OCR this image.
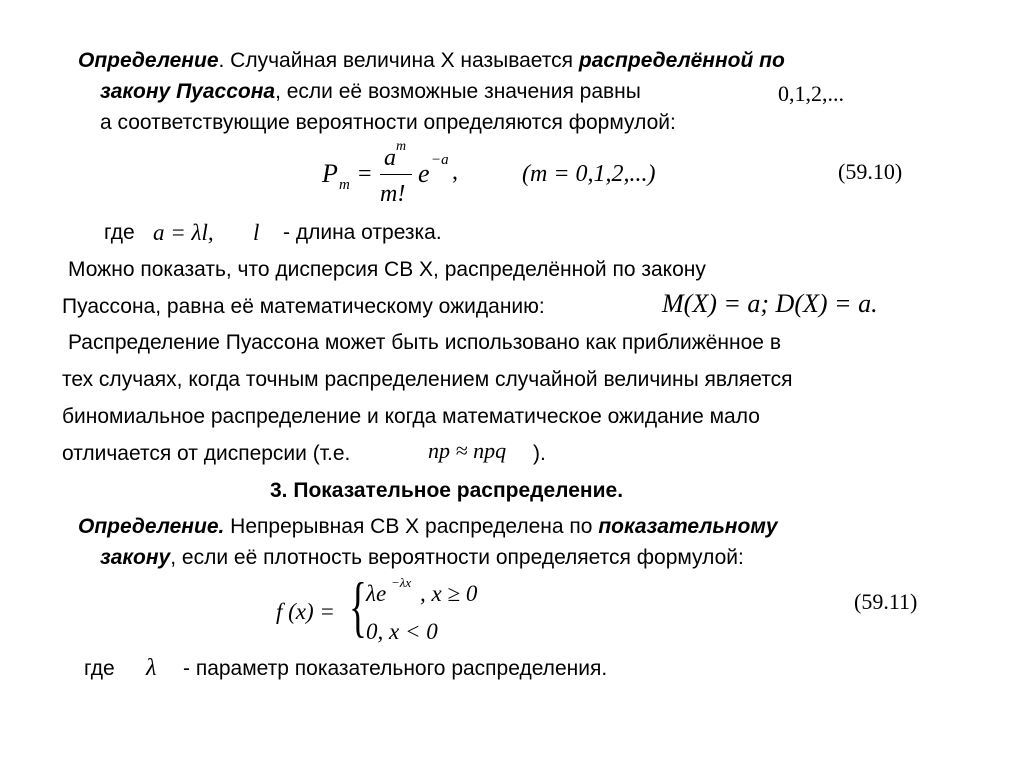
Определение. Случайная величина X называется распределённой по
закону Пуассона, если её возможные значения равны	0,1,2,...
а соответствующие вероятности определяются формулой:
P m =
a m
m!
e −a ,	(m = 0,1,2,...)	(59.10)
где a = λl, l - длина отрезка.
Можно показать, что дисперсия СВ X, распределённой по закону
Пуассона, равна её математическому ожиданию:	M(X) = a; D(X) = a.
Распределение Пуассона может быть использовано как приближённое в
тех случаях, когда точным распределением случайной величины является
биномиальное распределение и когда математическое ожидание мало
отличается от дисперсии (т.е.	np ≈ npq ).
3. Показательное распределение.
Определение. Непрерывная СВ X распределена по показательному
закону, если её плотность вероятности определяется формулой:
f (x) = { λe −λx , x ≥ 0
0, x < 0
(59.11)
где λ - параметр показательного распределения.
